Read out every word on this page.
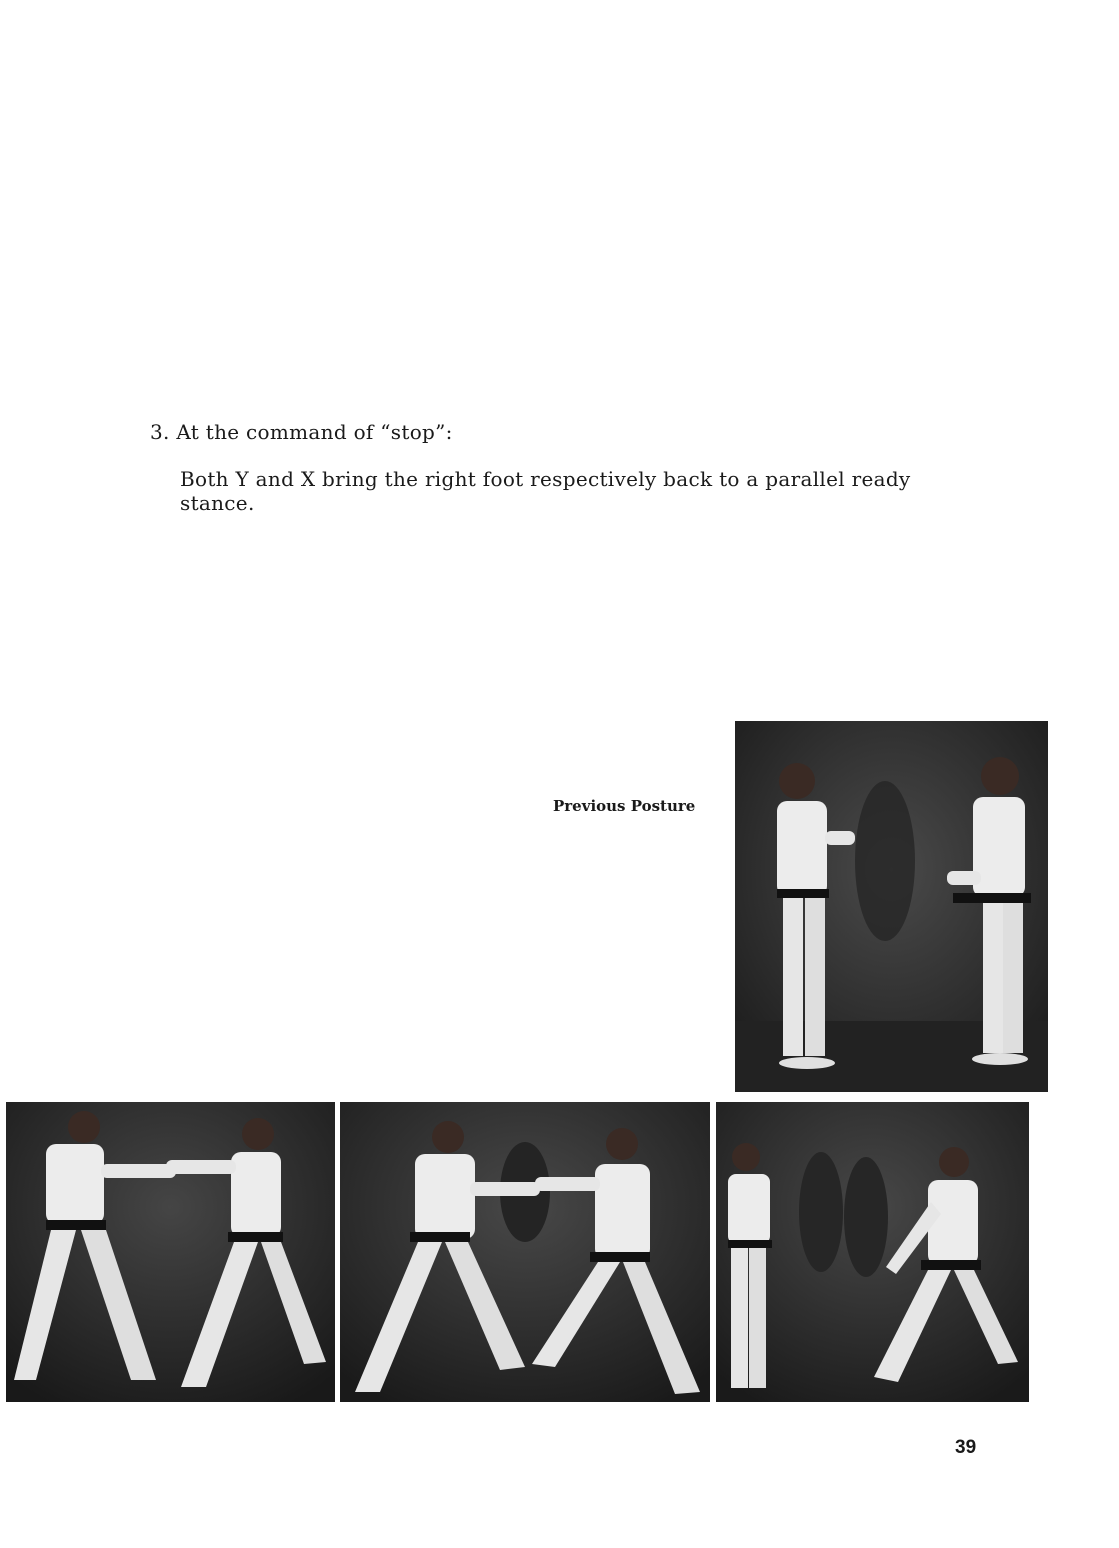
3. At the command of “stop”:

Both Y and X bring the right foot respectively back to a parallel ready stance.

Previous Posture

39
